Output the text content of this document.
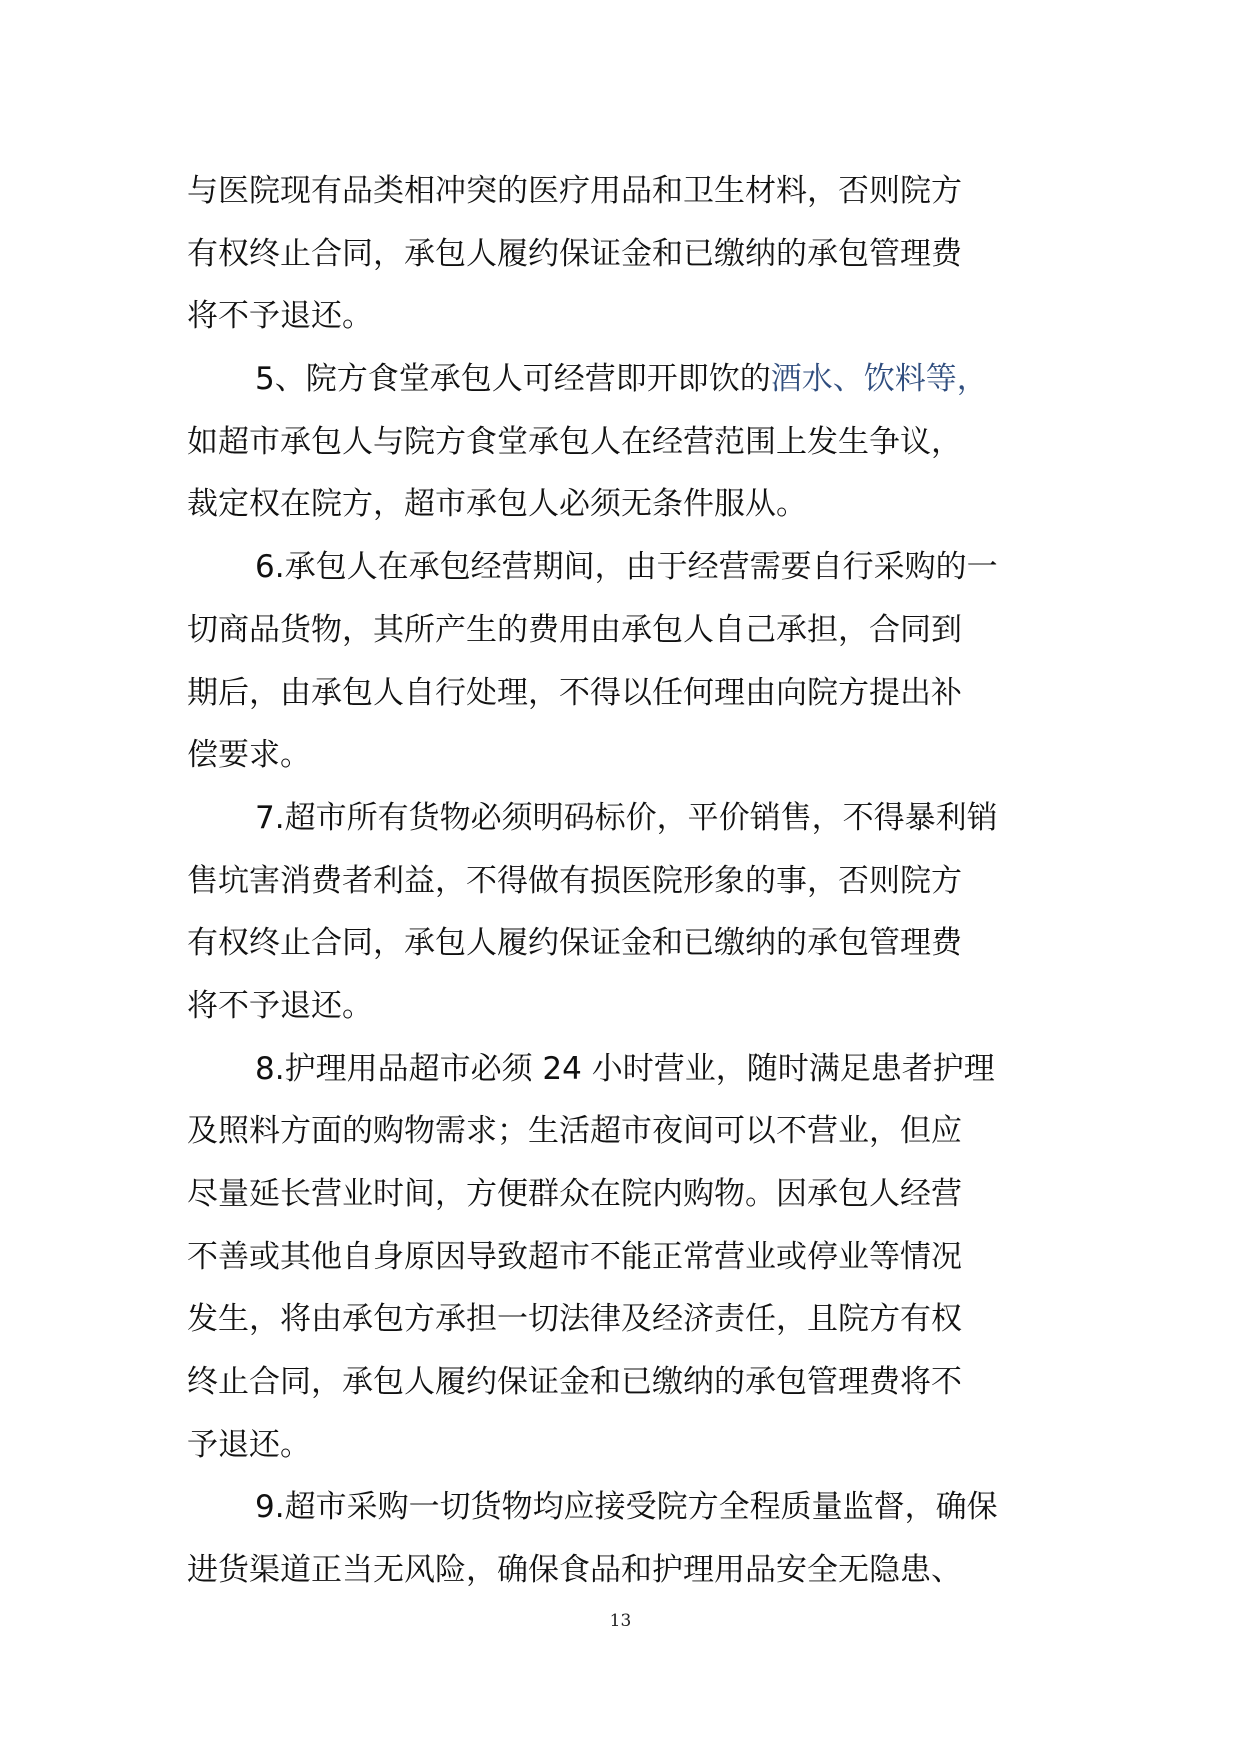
与医院现有品类相冲突的医疗用品和卫生材料，否则院方
有权终止合同，承包人履约保证金和已缴纳的承包管理费
将不予退还。
5、院方食堂承包人可经营即开即饮的酒水、饮料等，
如超市承包人与院方食堂承包人在经营范围上发生争议，
裁定权在院方，超市承包人必须无条件服从。
6.承包人在承包经营期间，由于经营需要自行采购的一
切商品货物，其所产生的费用由承包人自己承担，合同到
期后，由承包人自行处理，不得以任何理由向院方提出补
偿要求。
7.超市所有货物必须明码标价，平价销售，不得暴利销
售坑害消费者利益，不得做有损医院形象的事，否则院方
有权终止合同，承包人履约保证金和已缴纳的承包管理费
将不予退还。
8.护理用品超市必须 24 小时营业，随时满足患者护理
及照料方面的购物需求；生活超市夜间可以不营业，但应
尽量延长营业时间，方便群众在院内购物。因承包人经营
不善或其他自身原因导致超市不能正常营业或停业等情况
发生，将由承包方承担一切法律及经济责任，且院方有权
终止合同，承包人履约保证金和已缴纳的承包管理费将不
予退还。
9.超市采购一切货物均应接受院方全程质量监督，确保
进货渠道正当无风险，确保食品和护理用品安全无隐患、
13
